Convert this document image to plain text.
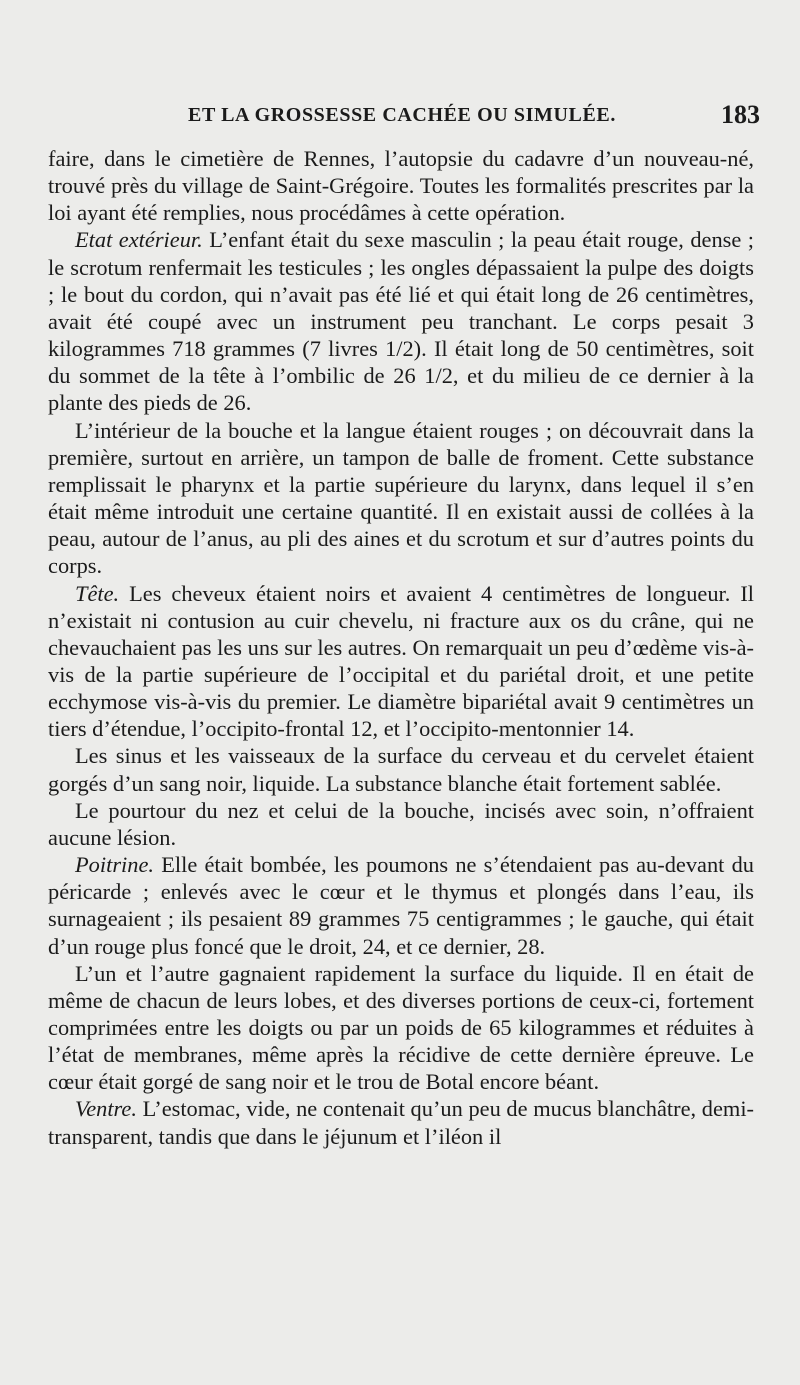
ET LA GROSSESSE CACHÉE OU SIMULÉE.	183

faire, dans le cimetière de Rennes, l’autopsie du cadavre d’un nouveau-né, trouvé près du village de Saint-Grégoire. Toutes les formalités prescrites par la loi ayant été remplies, nous procédâmes à cette opération.

Etat extérieur. L’enfant était du sexe masculin ; la peau était rouge, dense ; le scrotum renfermait les testicules ; les ongles dépassaient la pulpe des doigts ; le bout du cordon, qui n’avait pas été lié et qui était long de 26 centimètres, avait été coupé avec un instrument peu tranchant. Le corps pesait 3 kilogrammes 718 grammes (7 livres 1/2). Il était long de 50 centimètres, soit du sommet de la tête à l’ombilic de 26 1/2, et du milieu de ce dernier à la plante des pieds de 26.

L’intérieur de la bouche et la langue étaient rouges ; on découvrait dans la première, surtout en arrière, un tampon de balle de froment. Cette substance remplissait le pharynx et la partie supérieure du larynx, dans lequel il s’en était même introduit une certaine quantité. Il en existait aussi de collées à la peau, autour de l’anus, au pli des aines et du scrotum et sur d’autres points du corps.

Tête. Les cheveux étaient noirs et avaient 4 centimètres de longueur. Il n’existait ni contusion au cuir chevelu, ni fracture aux os du crâne, qui ne chevauchaient pas les uns sur les autres. On remarquait un peu d’œdème vis-à-vis de la partie supérieure de l’occipital et du pariétal droit, et une petite ecchymose vis-à-vis du premier. Le diamètre bipariétal avait 9 centimètres un tiers d’étendue, l’occipito-frontal 12, et l’occipito-mentonnier 14.

Les sinus et les vaisseaux de la surface du cerveau et du cervelet étaient gorgés d’un sang noir, liquide. La substance blanche était fortement sablée.

Le pourtour du nez et celui de la bouche, incisés avec soin, n’offraient aucune lésion.

Poitrine. Elle était bombée, les poumons ne s’étendaient pas au-devant du péricarde ; enlevés avec le cœur et le thymus et plongés dans l’eau, ils surnageaient ; ils pesaient 89 grammes 75 centigrammes ; le gauche, qui était d’un rouge plus foncé que le droit, 24, et ce dernier, 28.

L’un et l’autre gagnaient rapidement la surface du liquide. Il en était de même de chacun de leurs lobes, et des diverses portions de ceux-ci, fortement comprimées entre les doigts ou par un poids de 65 kilogrammes et réduites à l’état de membranes, même après la récidive de cette dernière épreuve. Le cœur était gorgé de sang noir et le trou de Botal encore béant.

Ventre. L’estomac, vide, ne contenait qu’un peu de mucus blanchâtre, demi-transparent, tandis que dans le jéjunum et l’iléon il
